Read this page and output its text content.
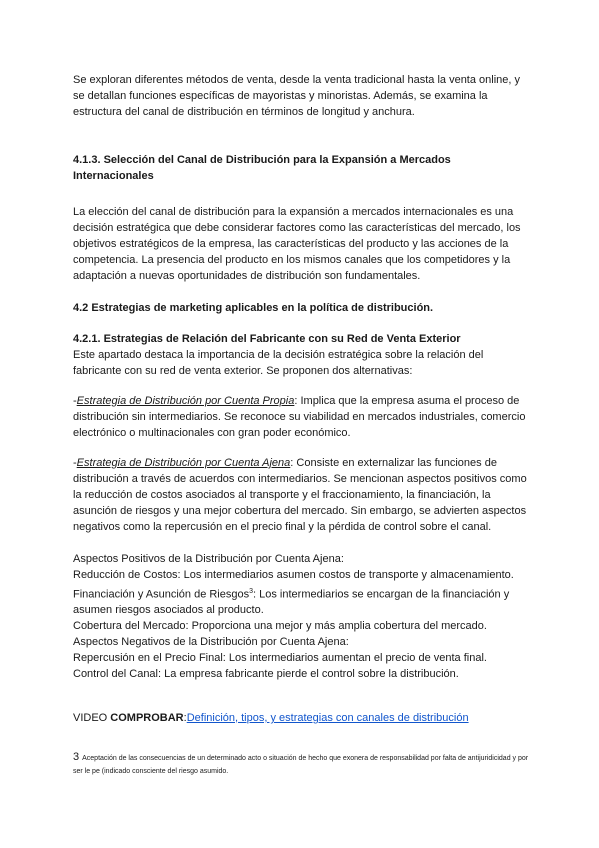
Se exploran diferentes métodos de venta, desde la venta tradicional hasta la venta online, y se detallan funciones específicas de mayoristas y minoristas. Además, se examina la estructura del canal de distribución en términos de longitud y anchura.

4.1.3. Selección del Canal de Distribución para la Expansión a Mercados Internacionales

La elección del canal de distribución para la expansión a mercados internacionales es una decisión estratégica que debe considerar factores como las características del mercado, los objetivos estratégicos de la empresa, las características del producto y las acciones de la competencia. La presencia del producto en los mismos canales que los competidores y la adaptación a nuevas oportunidades de distribución son fundamentales.

4.2 Estrategias de marketing aplicables en la política de distribución.

4.2.1. Estrategias de Relación del Fabricante con su Red de Venta Exterior

Este apartado destaca la importancia de la decisión estratégica sobre la relación del fabricante con su red de venta exterior. Se proponen dos alternativas:

-Estrategia de Distribución por Cuenta Propia: Implica que la empresa asuma el proceso de distribución sin intermediarios. Se reconoce su viabilidad en mercados industriales, comercio electrónico o multinacionales con gran poder económico.

-Estrategia de Distribución por Cuenta Ajena: Consiste en externalizar las funciones de distribución a través de acuerdos con intermediarios. Se mencionan aspectos positivos como la reducción de costos asociados al transporte y el fraccionamiento, la financiación, la asunción de riesgos y una mejor cobertura del mercado. Sin embargo, se advierten aspectos negativos como la repercusión en el precio final y la pérdida de control sobre el canal.

Aspectos Positivos de la Distribución por Cuenta Ajena:

Reducción de Costos: Los intermediarios asumen costos de transporte y almacenamiento.

Financiación y Asunción de Riesgos$^3$: Los intermediarios se encargan de la financiación y asumen riesgos asociados al producto.

Cobertura del Mercado: Proporciona una mejor y más amplia cobertura del mercado.

Aspectos Negativos de la Distribución por Cuenta Ajena:

Repercusión en el Precio Final: Los intermediarios aumentan el precio de venta final.

Control del Canal: La empresa fabricante pierde el control sobre la distribución.

VIDEO COMPROBAR:Definición, tipos, y estrategias con canales de distribución

3 Aceptación de las consecuencias de un determinado acto o situación de hecho que exonera de responsabilidad por falta de antijuridicidad y por ser le pe (indicado consciente del riesgo asumido.
